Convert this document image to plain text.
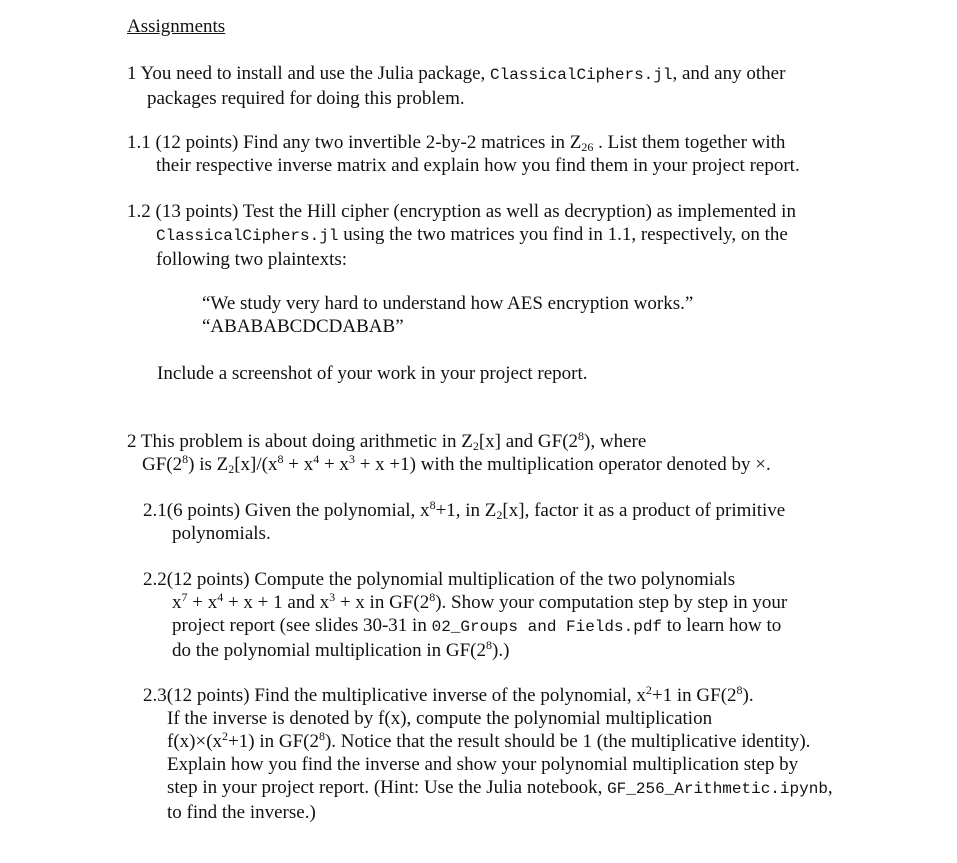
Assignments
1 You need to install and use the Julia package, ClassicalCiphers.jl, and any other
packages required for doing this problem.
1.1 (12 points) Find any two invertible 2-by-2 matrices in $Z_{26}$ . List them together with
their respective inverse matrix and explain how you find them in your project report.
1.2 (13 points) Test the Hill cipher (encryption as well as decryption) as implemented in
ClassicalCiphers.jl using the two matrices you find in 1.1, respectively, on the
following two plaintexts:
“We study very hard to understand how AES encryption works.”
“ABABABCDCDABAB”
Include a screenshot of your work in your project report.
2 This problem is about doing arithmetic in $Z_2[x]$ and $GF(2^8)$, where
$GF(2^8)$ is $Z_2[x]/(x^8 + x^4 + x^3 + x +1)$ with the multiplication operator denoted by ×.
2.1(6 points) Given the polynomial, $x^8+1$, in $Z_2[x]$, factor it as a product of primitive
polynomials.
2.2(12 points) Compute the polynomial multiplication of the two polynomials
$x^7 + x^4 + x + 1$ and $x^3 + x$ in $GF(2^8)$. Show your computation step by step in your
project report (see slides 30-31 in 02_Groups and Fields.pdf to learn how to
do the polynomial multiplication in $GF(2^8)$.)
2.3(12 points) Find the multiplicative inverse of the polynomial, $x^2+1$ in $GF(2^8)$.
If the inverse is denoted by f(x), compute the polynomial multiplication
$f(x)\times(x^2+1)$ in $GF(2^8)$. Notice that the result should be 1 (the multiplicative identity).
Explain how you find the inverse and show your polynomial multiplication step by
step in your project report. (Hint: Use the Julia notebook, GF_256_Arithmetic.ipynb,
to find the inverse.)
